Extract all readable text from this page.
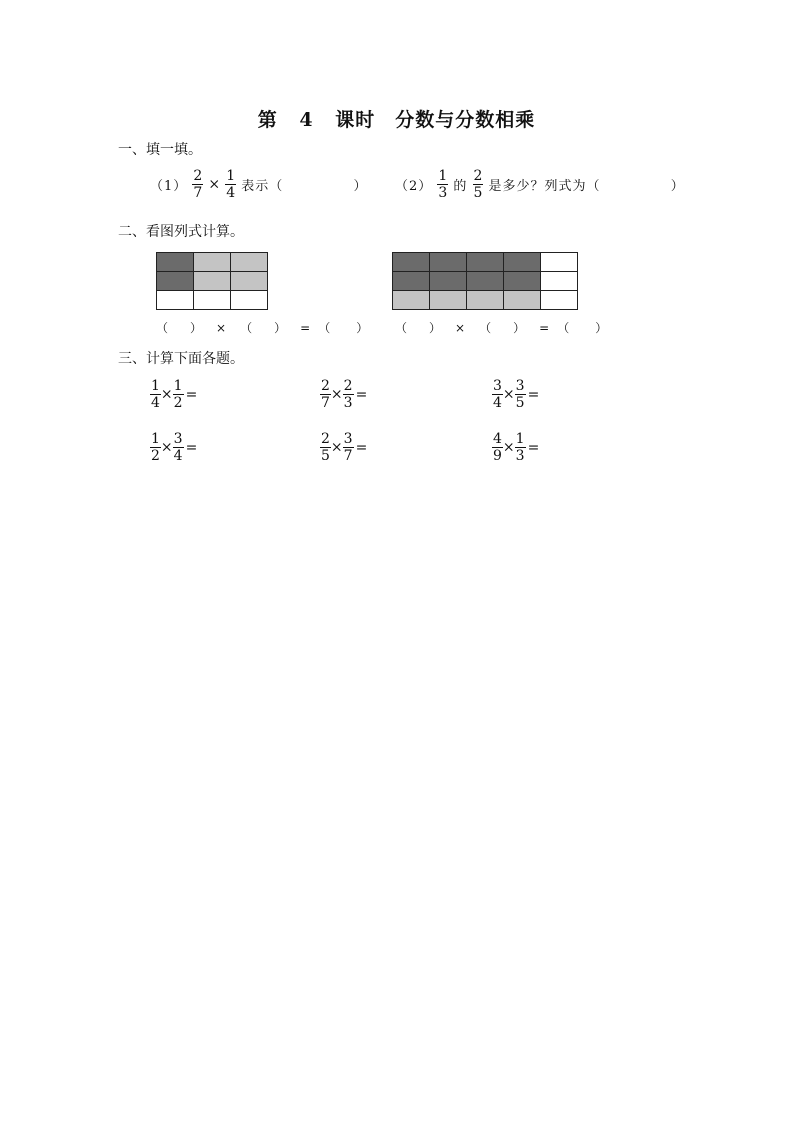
第 4 课时　分数与分数相乘
一、填一填。
$(1) \frac{2}{7} \times \frac{1}{4}$ 表示（	） $(2) \frac{1}{3}$ 的 $\frac{2}{5}$ 是多少？列式为（	）
二、看图列式计算。

（ ） × （ ） = （ ） （ ） × （ ） = （ ）
三、计算下面各题。
$\frac{1}{4} \times \frac{1}{2}$ =	$\frac{2}{7} \times \frac{2}{3}$ =	$\frac{3}{4} \times \frac{3}{5}$ =
$\frac{1}{2} \times \frac{3}{4}$ =	$\frac{2}{5} \times \frac{3}{7}$ =	$\frac{4}{9} \times \frac{1}{3}$ =
